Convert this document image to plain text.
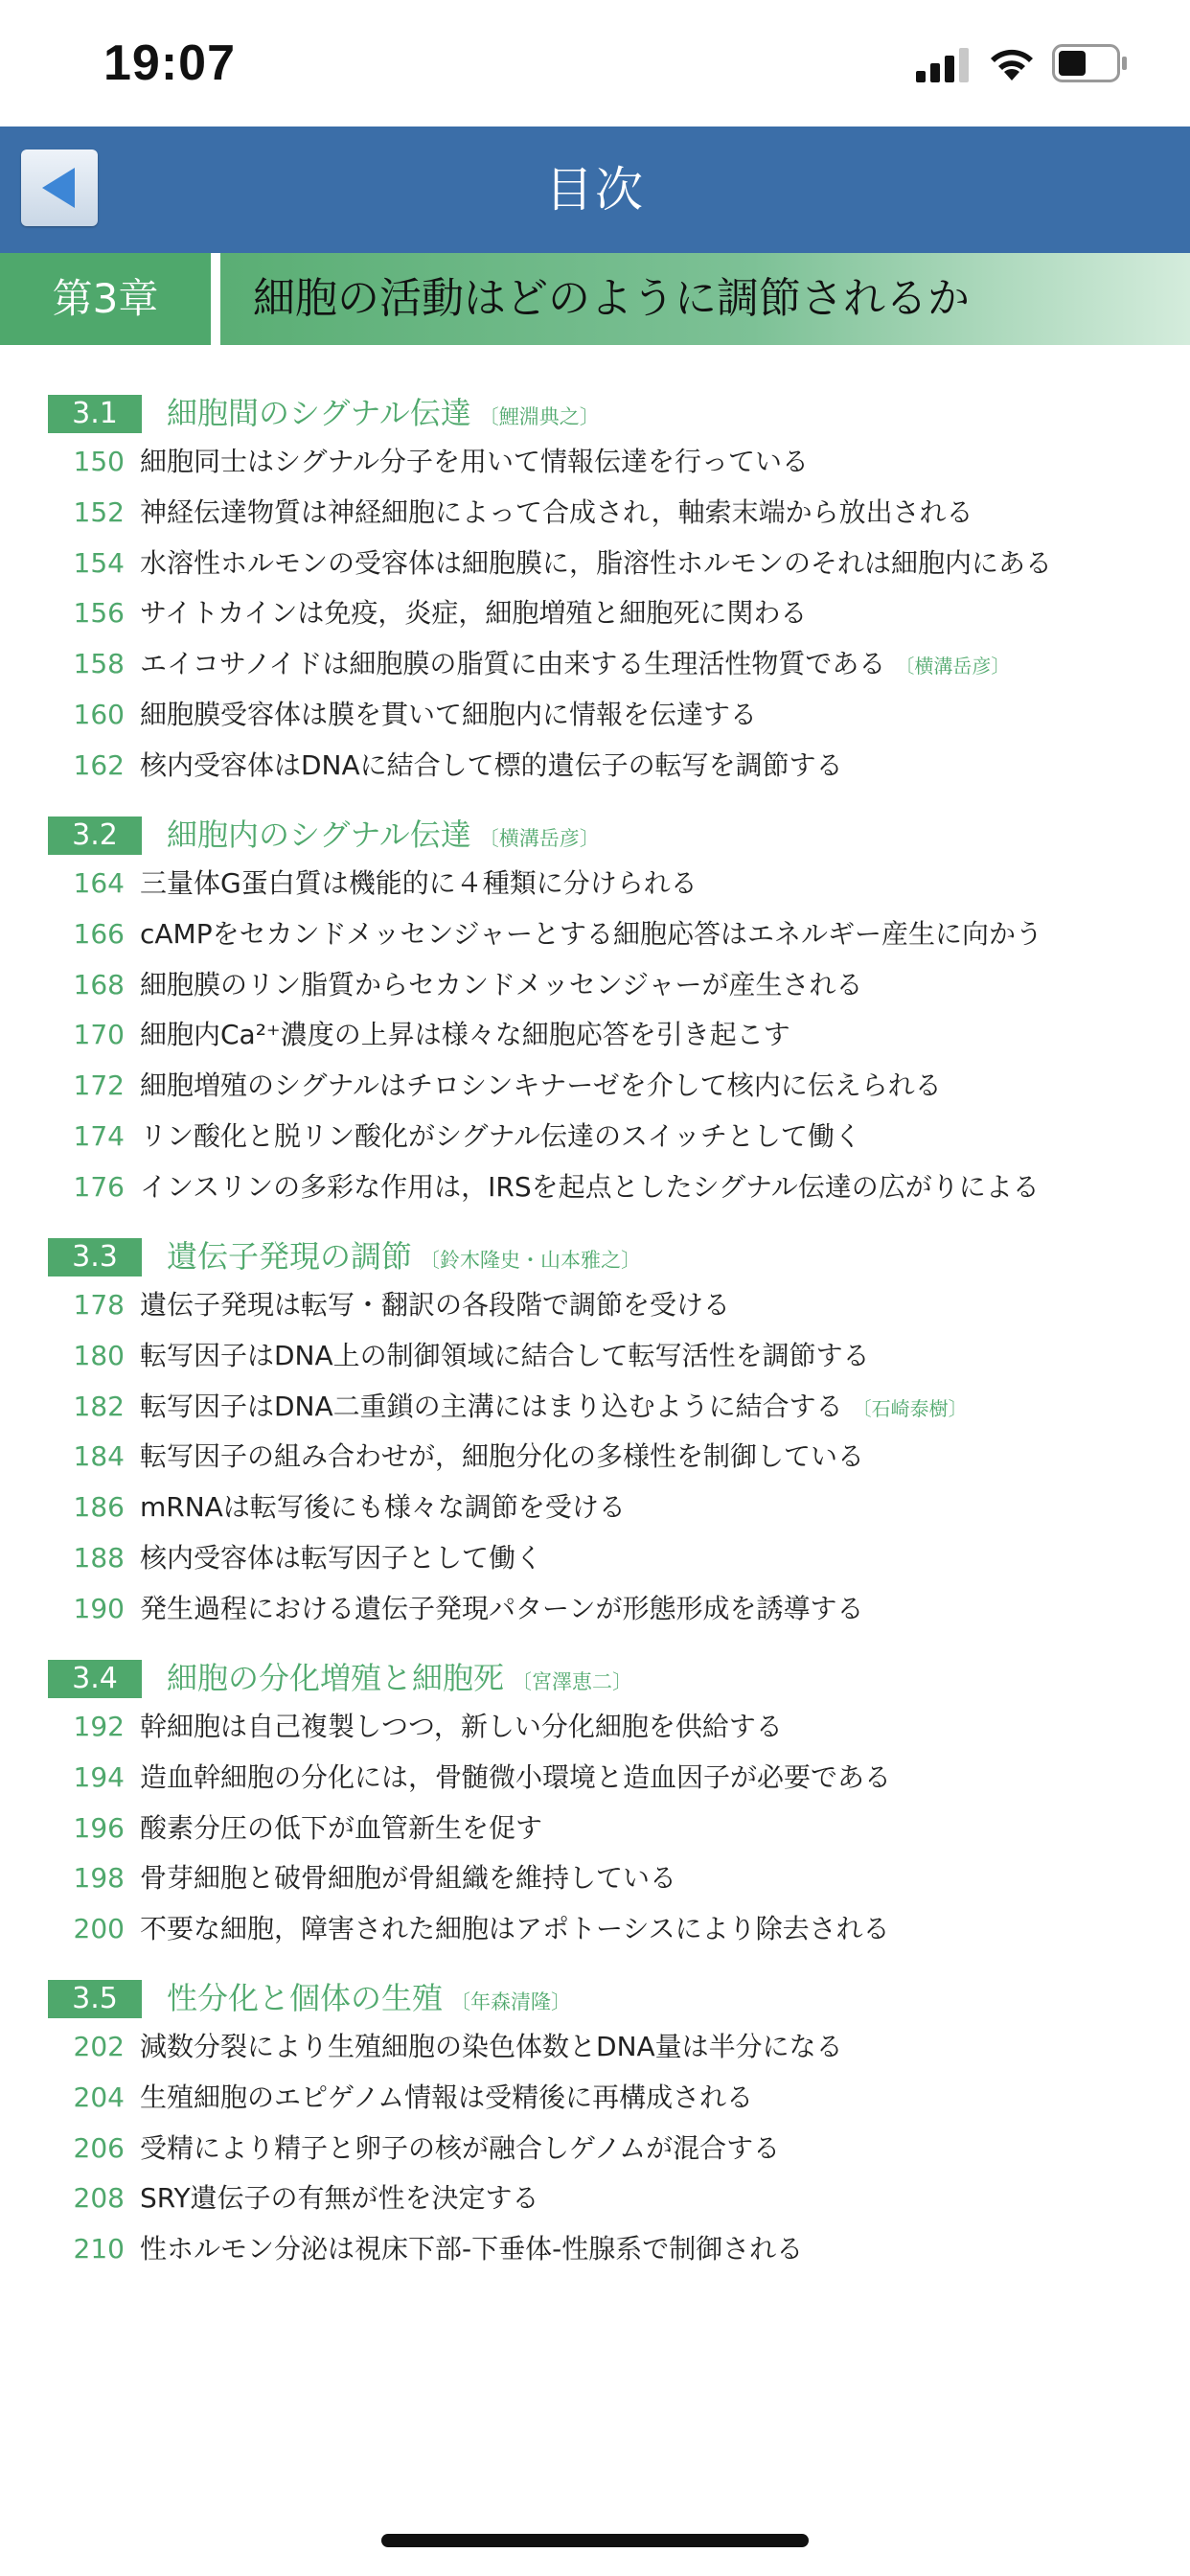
19:07
目次
第3章	細胞の活動はどのように調節されるか
3.1	細胞間のシグナル伝達 〔鯉淵典之〕
150 細胞同士はシグナル分子を用いて情報伝達を行っている
152 神経伝達物質は神経細胞によって合成され，軸索末端から放出される
154 水溶性ホルモンの受容体は細胞膜に，脂溶性ホルモンのそれは細胞内にある
156 サイトカインは免疫，炎症，細胞増殖と細胞死に関わる
158 エイコサノイドは細胞膜の脂質に由来する生理活性物質である 〔横溝岳彦〕
160 細胞膜受容体は膜を貫いて細胞内に情報を伝達する
162 核内受容体はDNAに結合して標的遺伝子の転写を調節する
3.2	細胞内のシグナル伝達 〔横溝岳彦〕
164 三量体G蛋白質は機能的に４種類に分けられる
166 cAMPをセカンドメッセンジャーとする細胞応答はエネルギー産生に向かう
168 細胞膜のリン脂質からセカンドメッセンジャーが産生される
170 細胞内Ca²⁺濃度の上昇は様々な細胞応答を引き起こす
172 細胞増殖のシグナルはチロシンキナーゼを介して核内に伝えられる
174 リン酸化と脱リン酸化がシグナル伝達のスイッチとして働く
176 インスリンの多彩な作用は，IRSを起点としたシグナル伝達の広がりによる
3.3	遺伝子発現の調節 〔鈴木隆史・山本雅之〕
178 遺伝子発現は転写・翻訳の各段階で調節を受ける
180 転写因子はDNA上の制御領域に結合して転写活性を調節する
182 転写因子はDNA二重鎖の主溝にはまり込むように結合する 〔石崎泰樹〕
184 転写因子の組み合わせが，細胞分化の多様性を制御している
186 mRNAは転写後にも様々な調節を受ける
188 核内受容体は転写因子として働く
190 発生過程における遺伝子発現パターンが形態形成を誘導する
3.4	細胞の分化増殖と細胞死 〔宮澤恵二〕
192 幹細胞は自己複製しつつ，新しい分化細胞を供給する
194 造血幹細胞の分化には，骨髄微小環境と造血因子が必要である
196 酸素分圧の低下が血管新生を促す
198 骨芽細胞と破骨細胞が骨組織を維持している
200 不要な細胞，障害された細胞はアポトーシスにより除去される
3.5	性分化と個体の生殖 〔年森清隆〕
202 減数分裂により生殖細胞の染色体数とDNA量は半分になる
204 生殖細胞のエピゲノム情報は受精後に再構成される
206 受精により精子と卵子の核が融合しゲノムが混合する
208 SRY遺伝子の有無が性を決定する
210 性ホルモン分泌は視床下部-下垂体-性腺系で制御される
